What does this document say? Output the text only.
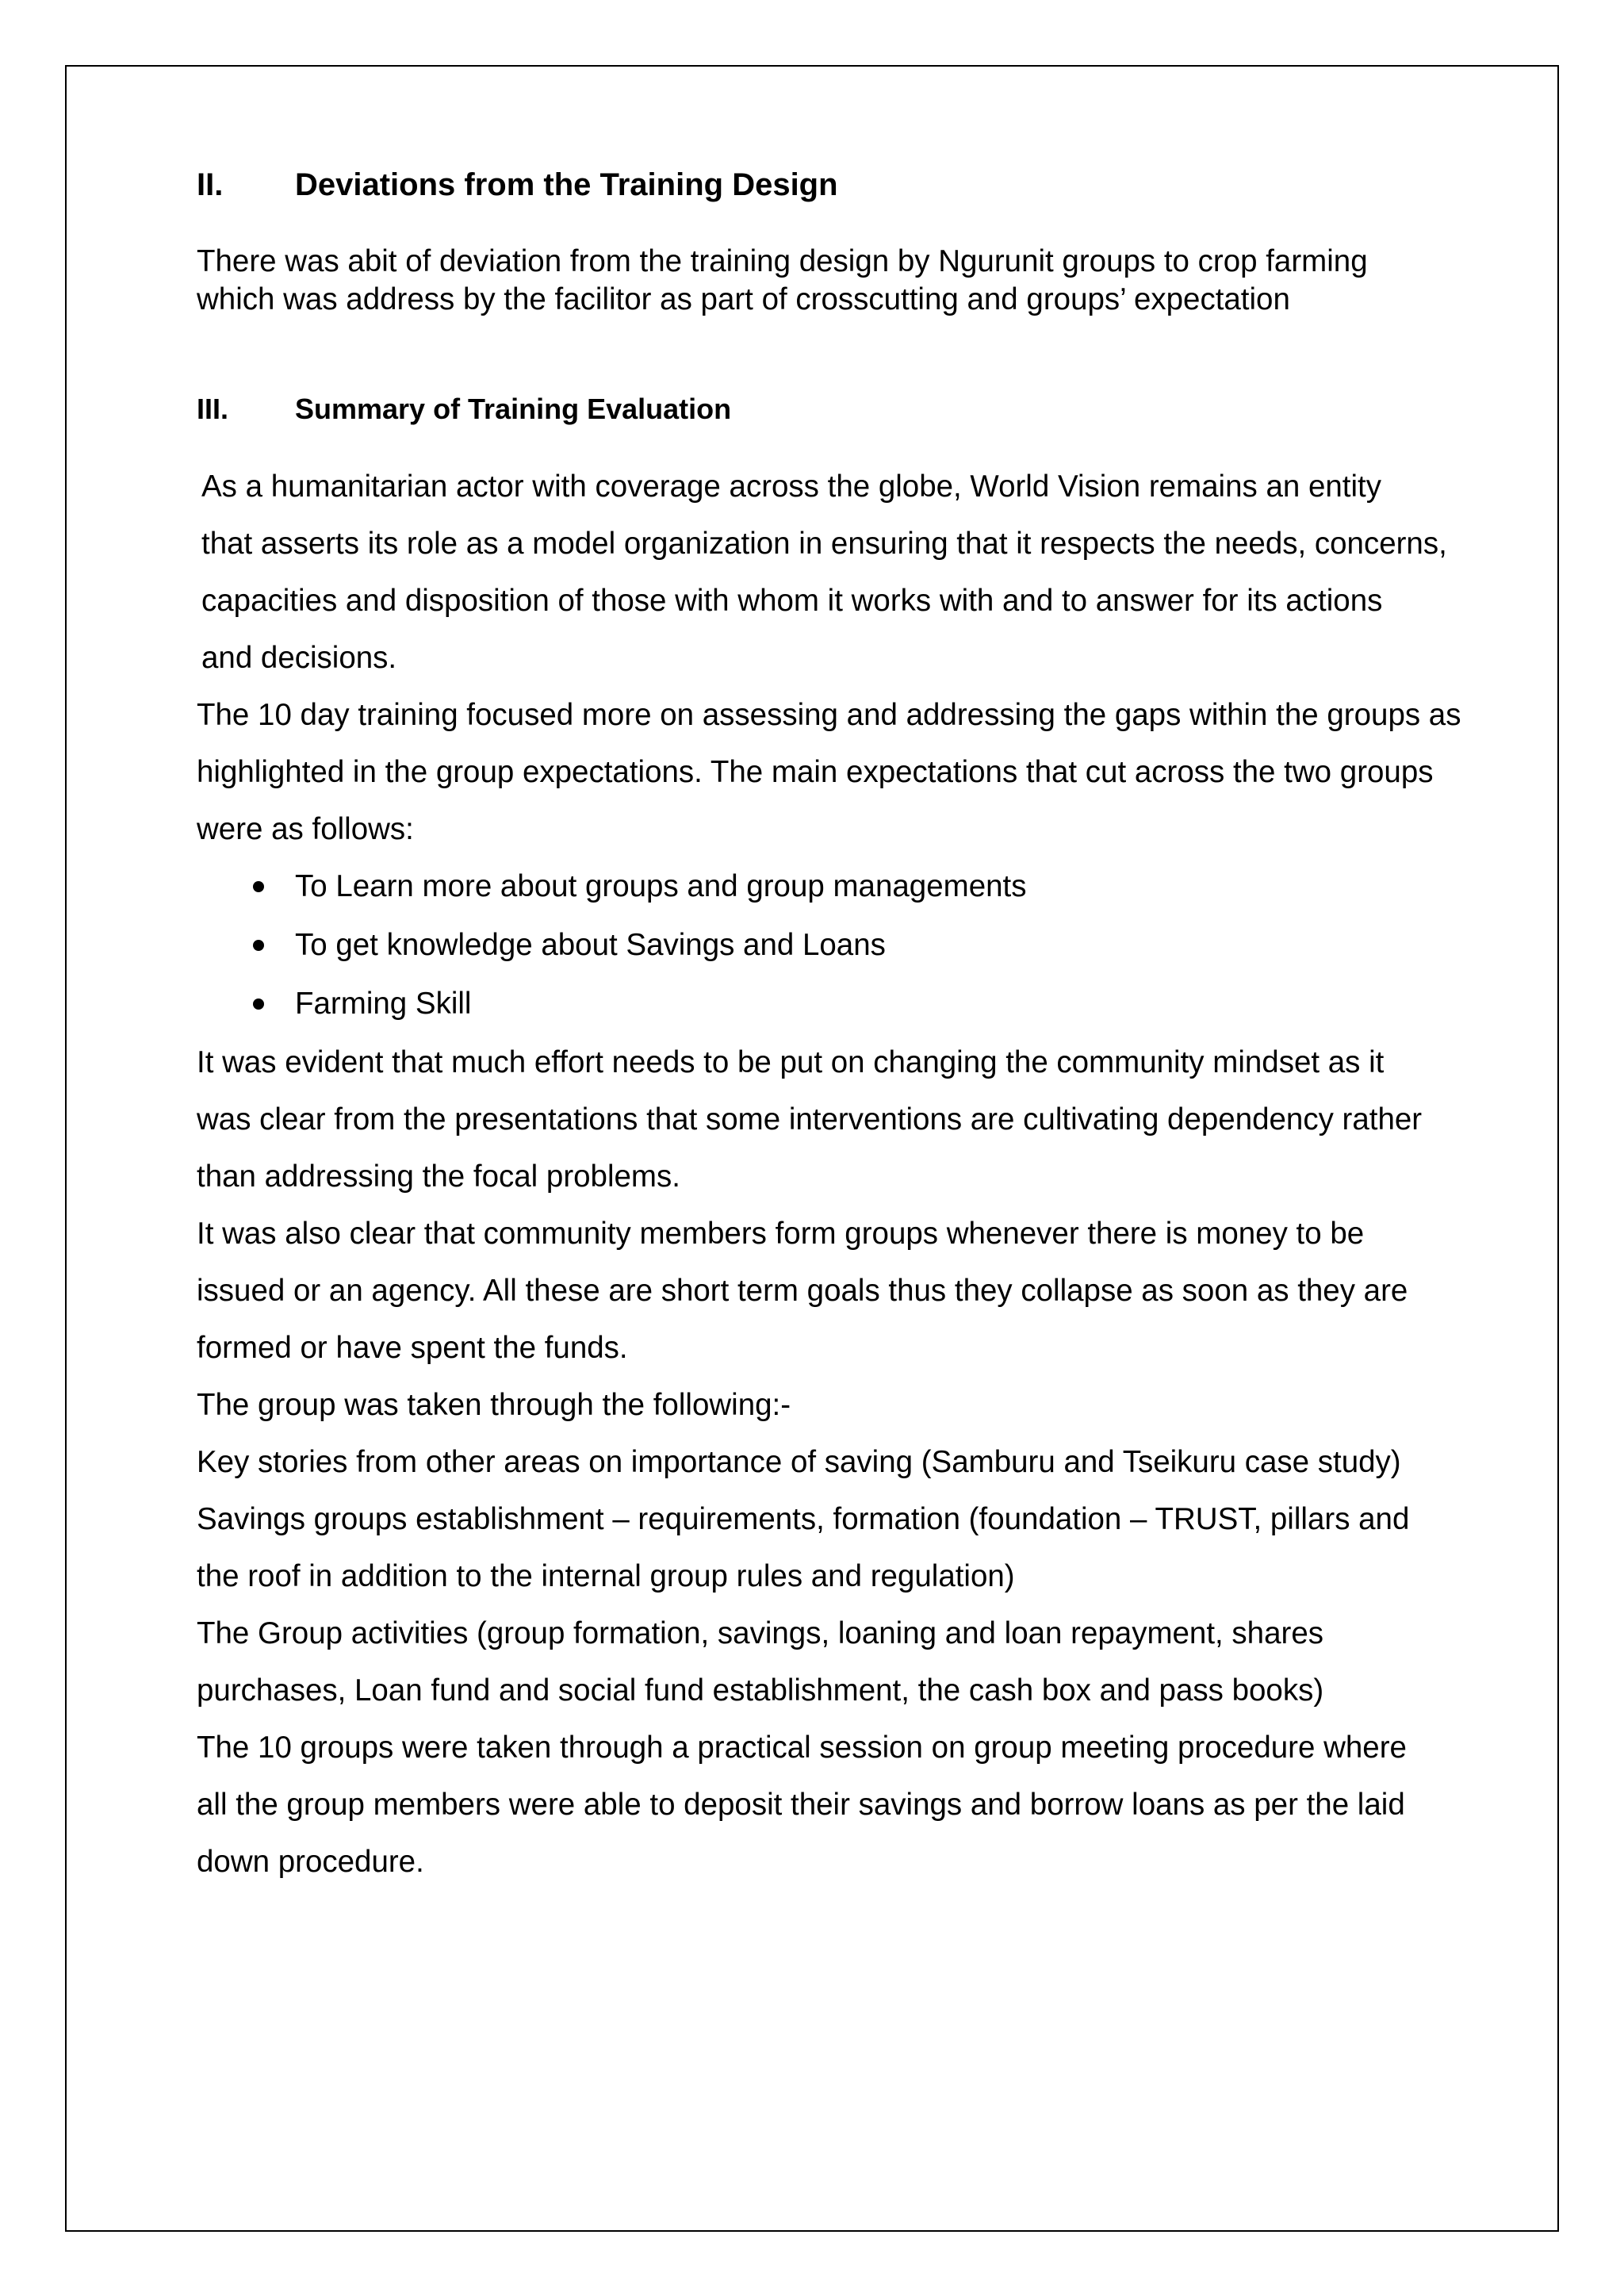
II. Deviations from the Training Design

There was abit of deviation from the training design by Ngurunit groups to crop farming
which was address by the facilitor as part of crosscutting and groups’ expectation

III. Summary of Training Evaluation

As a humanitarian actor with coverage across the globe, World Vision remains an entity
that asserts its role as a model organization in ensuring that it respects the needs, concerns,
capacities and disposition of those with whom it works with and to answer for its actions
and decisions.

The 10 day training focused more on assessing and addressing the gaps within the groups as
highlighted in the group expectations. The main expectations that cut across the two groups
were as follows:

To Learn more about groups and group managements
To get knowledge about Savings and Loans
Farming Skill

It was evident that much effort needs to be put on changing the community mindset as it
was clear from the presentations that some interventions are cultivating dependency rather
than addressing the focal problems.

It was also clear that community members form groups whenever there is money to be
issued or an agency. All these are short term goals thus they collapse as soon as they are
formed or have spent the funds.

The group was taken through the following:-

Key stories from other areas on importance of saving (Samburu and Tseikuru case study)

Savings groups establishment – requirements, formation (foundation – TRUST, pillars and
the roof in addition to the internal group rules and regulation)

The Group activities (group formation, savings, loaning and loan repayment, shares
purchases, Loan fund and social fund establishment, the cash box and pass books)

The 10 groups were taken through a practical session on group meeting procedure where
all the group members were able to deposit their savings and borrow loans as per the laid
down procedure.
